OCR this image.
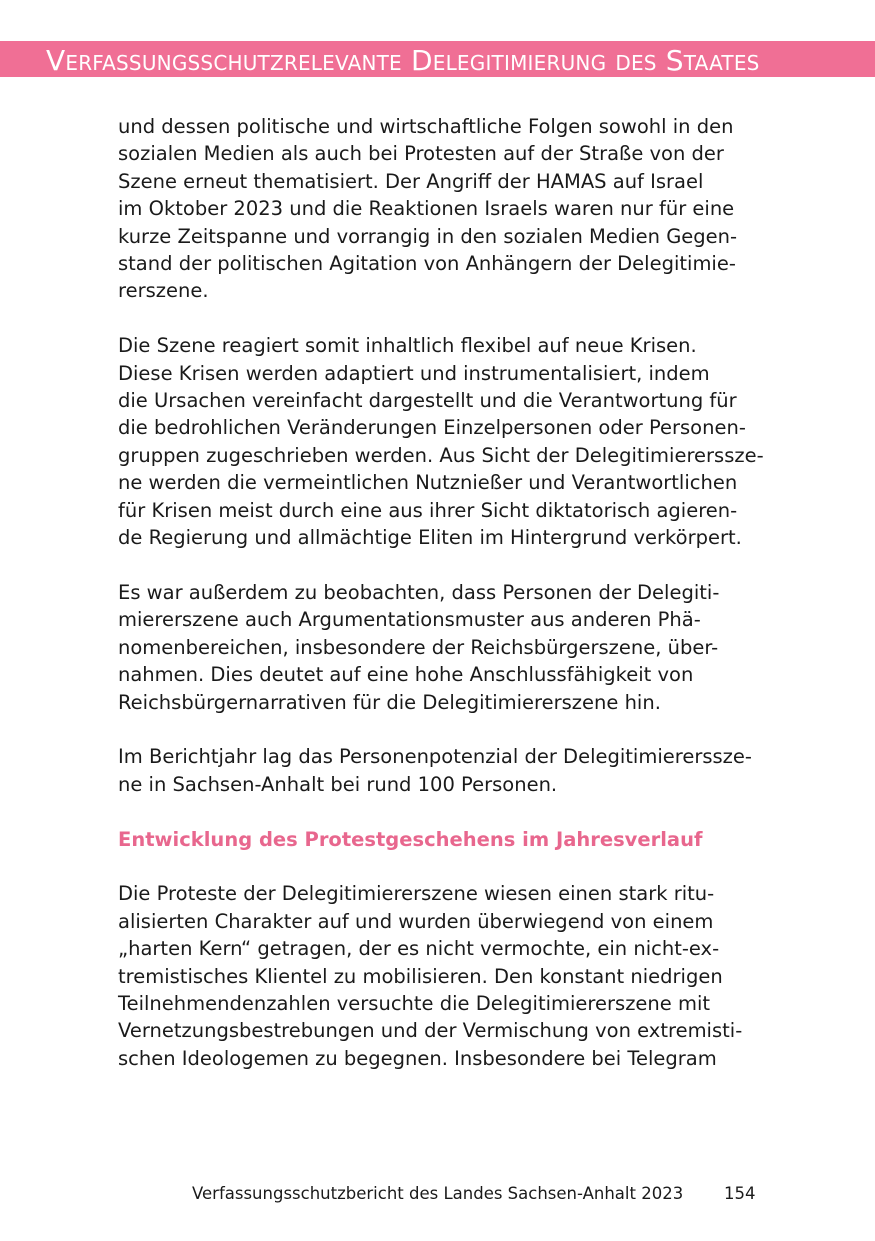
Verfassungsschutzrelevante Delegitimierung des Staates

und dessen politische und wirtschaftliche Folgen sowohl in den
sozialen Medien als auch bei Protesten auf der Straße von der
Szene erneut thematisiert. Der Angriff der HAMAS auf Israel
im Oktober 2023 und die Reaktionen Israels waren nur für eine
kurze Zeitspanne und vorrangig in den sozialen Medien Gegen-
stand der politischen Agitation von Anhängern der Delegitimie-
rerszene.

Die Szene reagiert somit inhaltlich flexibel auf neue Krisen.
Diese Krisen werden adaptiert und instrumentalisiert, indem
die Ursachen vereinfacht dargestellt und die Verantwortung für
die bedrohlichen Veränderungen Einzelpersonen oder Personen-
gruppen zugeschrieben werden. Aus Sicht der Delegitimiererssze-
ne werden die vermeintlichen Nutznießer und Verantwortlichen
für Krisen meist durch eine aus ihrer Sicht diktatorisch agieren-
de Regierung und allmächtige Eliten im Hintergrund verkörpert.

Es war außerdem zu beobachten, dass Personen der Delegiti-
miererszene auch Argumentationsmuster aus anderen Phä-
nomenbereichen, insbesondere der Reichsbürgerszene, über-
nahmen. Dies deutet auf eine hohe Anschlussfähigkeit von
Reichsbürgernarrativen für die Delegitimiererszene hin.

Im Berichtjahr lag das Personenpotenzial der Delegitimiererssze-
ne in Sachsen-Anhalt bei rund 100 Personen.

Entwicklung des Protestgeschehens im Jahresverlauf

Die Proteste der Delegitimiererszene wiesen einen stark ritu-
alisierten Charakter auf und wurden überwiegend von einem
„harten Kern“ getragen, der es nicht vermochte, ein nicht-ex-
tremistisches Klientel zu mobilisieren. Den konstant niedrigen
Teilnehmendenzahlen versuchte die Delegitimiererszene mit
Vernetzungsbestrebungen und der Vermischung von extremisti-
schen Ideologemen zu begegnen. Insbesondere bei Telegram

Verfassungsschutzbericht des Landes Sachsen-Anhalt 2023 154
